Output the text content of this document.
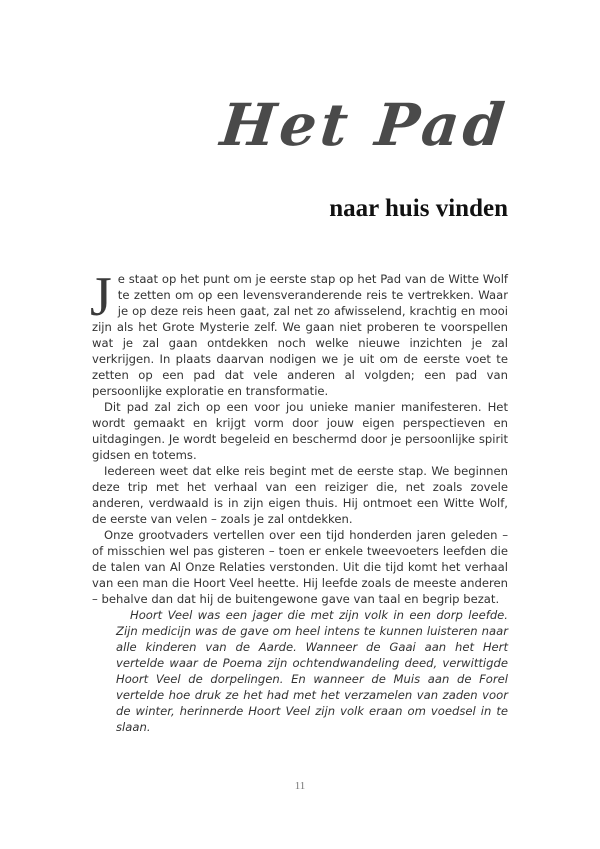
Het Pad
naar huis vinden

Je staat op het punt om je eerste stap op het Pad van de Witte Wolf te zetten om op een levensveranderende reis te vertrekken. Waar je op deze reis heen gaat, zal net zo afwisselend, krachtig en mooi zijn als het Grote Mysterie zelf. We gaan niet proberen te voorspellen wat je zal gaan ontdekken noch welke nieuwe inzichten je zal verkrijgen. In plaats daarvan nodigen we je uit om de eerste voet te zetten op een pad dat vele anderen al volgden; een pad van persoonlijke exploratie en transformatie.

Dit pad zal zich op een voor jou unieke manier manifesteren. Het wordt gemaakt en krijgt vorm door jouw eigen perspectieven en uitdagingen. Je wordt begeleid en beschermd door je persoonlijke spirit gidsen en totems.

Iedereen weet dat elke reis begint met de eerste stap. We beginnen deze trip met het verhaal van een reiziger die, net zoals zovele anderen, verdwaald is in zijn eigen thuis. Hij ontmoet een Witte Wolf, de eerste van velen – zoals je zal ontdekken.

Onze grootvaders vertellen over een tijd honderden jaren geleden – of misschien wel pas gisteren – toen er enkele tweevoeters leefden die de talen van Al Onze Relaties verstonden. Uit die tijd komt het verhaal van een man die Hoort Veel heette. Hij leefde zoals de meeste anderen – behalve dan dat hij de buitengewone gave van taal en begrip bezat.

Hoort Veel was een jager die met zijn volk in een dorp leefde. Zijn medicijn was de gave om heel intens te kunnen luisteren naar alle kinderen van de Aarde. Wanneer de Gaai aan het Hert vertelde waar de Poema zijn ochtendwandeling deed, verwittigde Hoort Veel de dorpelingen. En wanneer de Muis aan de Forel vertelde hoe druk ze het had met het verzamelen van zaden voor de winter, herinnerde Hoort Veel zijn volk eraan om voedsel in te slaan.

11
